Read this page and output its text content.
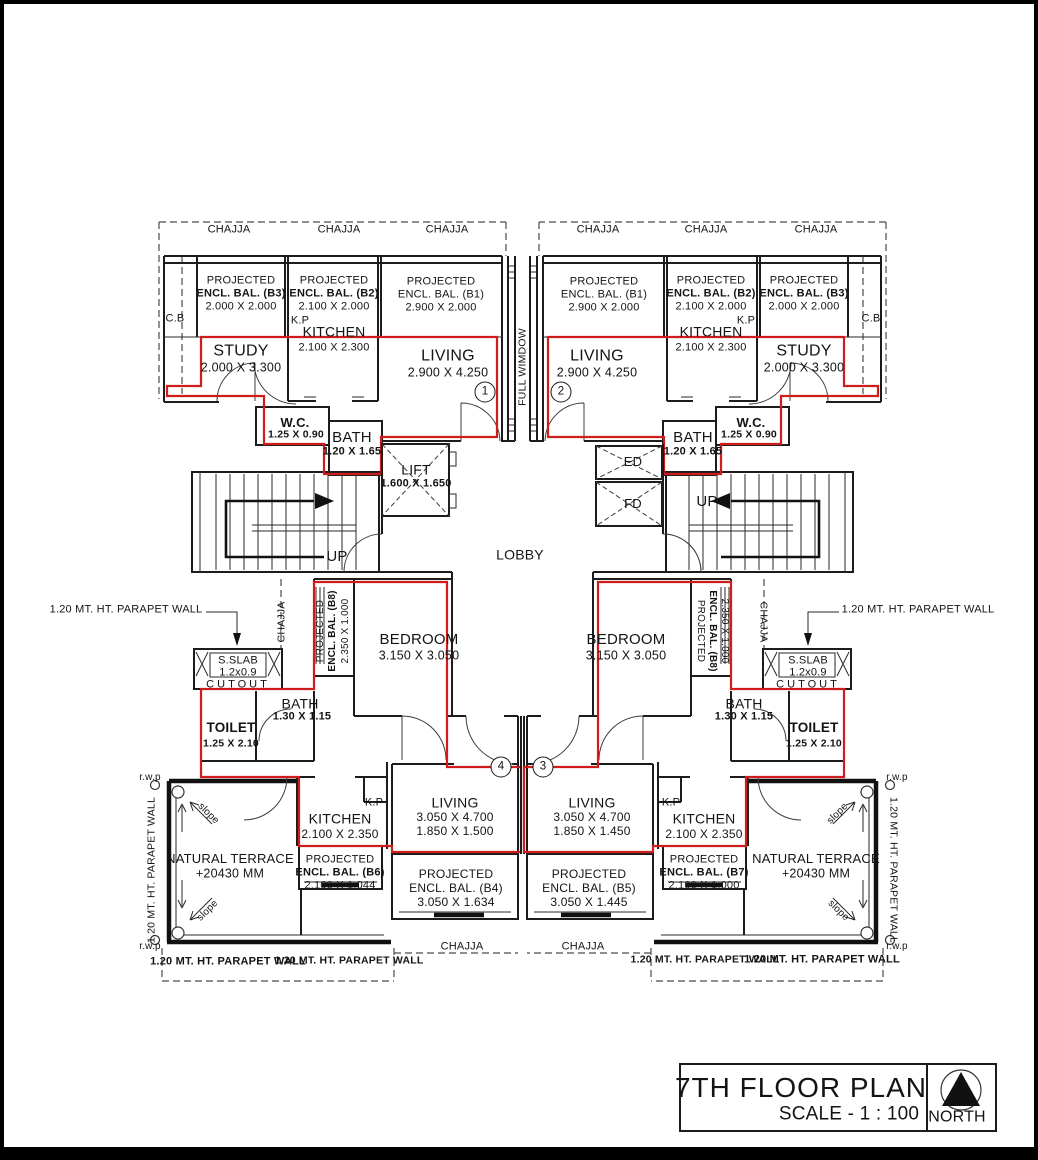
CHAJJA	CHAJJA	CHAJJA	CHAJJA	CHAJJA	CHAJJA
PROJECTED
ENCL. BAL. (B3)
2.000 X 2.000
PROJECTED
ENCL. BAL. (B2)
2.100 X 2.000
PROJECTED
ENCL. BAL. (B1)
2.900 X 2.000
PROJECTED
ENCL. BAL. (B1)
2.900 X 2.000
PROJECTED
ENCL. BAL. (B2)
2.100 X 2.000
PROJECTED
ENCL. BAL. (B3)
2.000 X 2.000
C.B	C.B
K.P	K.P
KITCHEN
2.100 X 2.300
KITCHEN
2.100 X 2.300
STUDY
2.000 X 3.300
STUDY
2.000 X 3.300
LIVING
2.900 X 4.250
LIVING
2.900 X 4.250
FULL WIMDOW
W.C.
1.25 X 0.90
W.C.
1.25 X 0.90
BATH
1.20 X 1.65
BATH
1.20 X 1.65
LIFT
1.600 X 1.650
ED
FD
UP
UP
LOBBY
1.20 MT. HT. PARAPET WALL	1.20 MT. HT. PARAPET WALL
CHAJJA	CHAJJA
PROJECTED ENCL. BAL. (B8) 2.350 X 1.000	PROJECTED ENCL. BAL. (B8) 2.350 X 1.000
BEDROOM
3.150 X 3.050
BEDROOM
3.150 X 3.050
S.SLAB
1.2x0.9
CUTOUT
S.SLAB
1.2x0.9
CUTOUT
BATH
1.30 X 1.15
BATH
1.30 X 1.15
TOILET
1.25 X 2.10
TOILET
1.25 X 2.10
1	2
4	3
r.w.p
r.w.p
r.w.p
r.w.p
slope
slope
slope
slope
NATURAL TERRACE
+20430 MM
NATURAL TERRACE
+20430 MM
1.20 MT. HT. PARAPET WALL	1.20 MT. HT. PARAPET WALL
K.P	K.P
KITCHEN
2.100 X 2.350
KITCHEN
2.100 X 2.350
PROJECTED
ENCL. BAL. (B6)
2.100 X 1.044
PROJECTED
ENCL. BAL. (B7)
2.100 X 1.000
LIVING
3.050 X 4.700
1.850 X 1.500
LIVING
3.050 X 4.700
1.850 X 1.450
PROJECTED
ENCL. BAL. (B4)
3.050 X 1.634
PROJECTED
ENCL. BAL. (B5)
3.050 X 1.445
CHAJJA	CHAJJA
1.20 MT. HT. PARAPET WALL
1.20 MT. HT. PARAPET WALL	1.20 MT. HT. PARAPET WALL
1.20 MT. HT. PARAPET WALL
7TH FLOOR PLAN
SCALE - 1 : 100 NORTH
